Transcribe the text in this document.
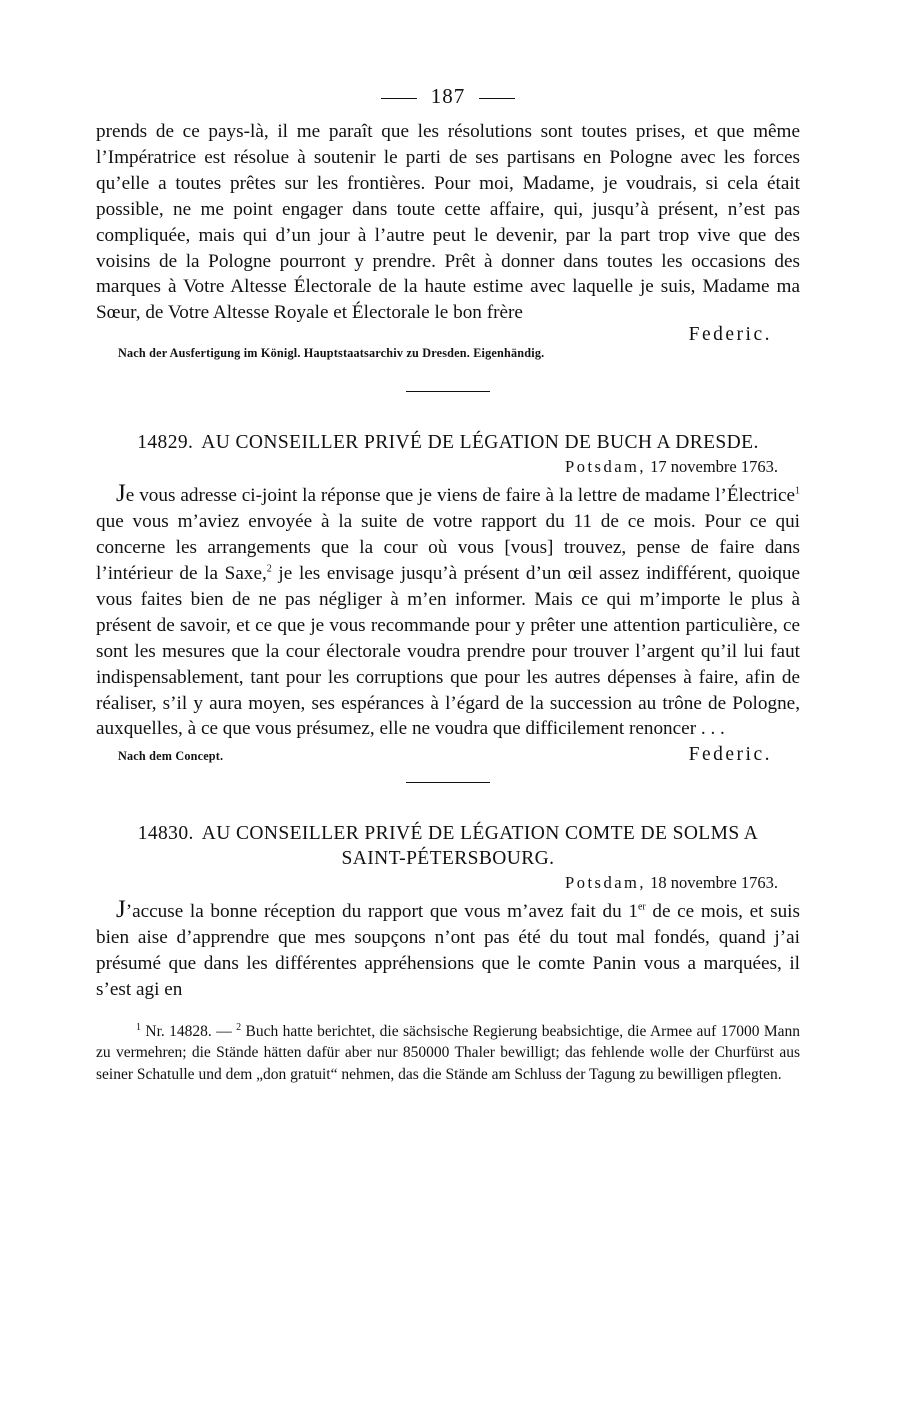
187

prends de ce pays-là, il me paraît que les résolutions sont toutes prises, et que même l’Impératrice est résolue à soutenir le parti de ses partisans en Pologne avec les forces qu’elle a toutes prêtes sur les frontières. Pour moi, Madame, je voudrais, si cela était possible, ne me point engager dans toute cette affaire, qui, jusqu’à présent, n’est pas compliquée, mais qui d’un jour à l’autre peut le devenir, par la part trop vive que des voisins de la Pologne pourront y prendre. Prêt à donner dans toutes les occasions des marques à Votre Altesse Électorale de la haute estime avec laquelle je suis, Madame ma Sœur, de Votre Altesse Royale et Électorale le bon frère

Federic.
Nach der Ausfertigung im Königl. Hauptstaatsarchiv zu Dresden. Eigenhändig.
14829. AU CONSEILLER PRIVÉ DE LÉGATION DE BUCH A DRESDE.
Potsdam, 17 novembre 1763.

Je vous adresse ci-joint la réponse que je viens de faire à la lettre de madame l’Électrice$^1$ que vous m’aviez envoyée à la suite de votre rapport du 11 de ce mois. Pour ce qui concerne les arrangements que la cour où vous [vous] trouvez, pense de faire dans l’intérieur de la Saxe,$^2$ je les envisage jusqu’à présent d’un œil assez indifférent, quoique vous faites bien de ne pas négliger à m’en informer. Mais ce qui m’importe le plus à présent de savoir, et ce que je vous recommande pour y prêter une attention particulière, ce sont les mesures que la cour électorale voudra prendre pour trouver l’argent qu’il lui faut indispensablement, tant pour les corruptions que pour les autres dépenses à faire, afin de réaliser, s’il y aura moyen, ses espérances à l’égard de la succession au trône de Pologne, auxquelles, à ce que vous présumez, elle ne voudra que difficilement renoncer . . .

Nach dem Concept.	Federic.
14830. AU CONSEILLER PRIVÉ DE LÉGATION COMTE DE SOLMS A SAINT-PÉTERSBOURG.
Potsdam, 18 novembre 1763.

J’accuse la bonne réception du rapport que vous m’avez fait du 1er de ce mois, et suis bien aise d’apprendre que mes soupçons n’ont pas été du tout mal fondés, quand j’ai présumé que dans les différentes appréhensions que le comte Panin vous a marquées, il s’est agi en

$^1$ Nr. 14828. — $^2$ Buch hatte berichtet, die sächsische Regierung beabsichtige, die Armee auf 17000 Mann zu vermehren; die Stände hätten dafür aber nur 850000 Thaler bewilligt; das fehlende wolle der Churfürst aus seiner Schatulle und dem „don gratuit“ nehmen, das die Stände am Schluss der Tagung zu bewilligen pflegten.
